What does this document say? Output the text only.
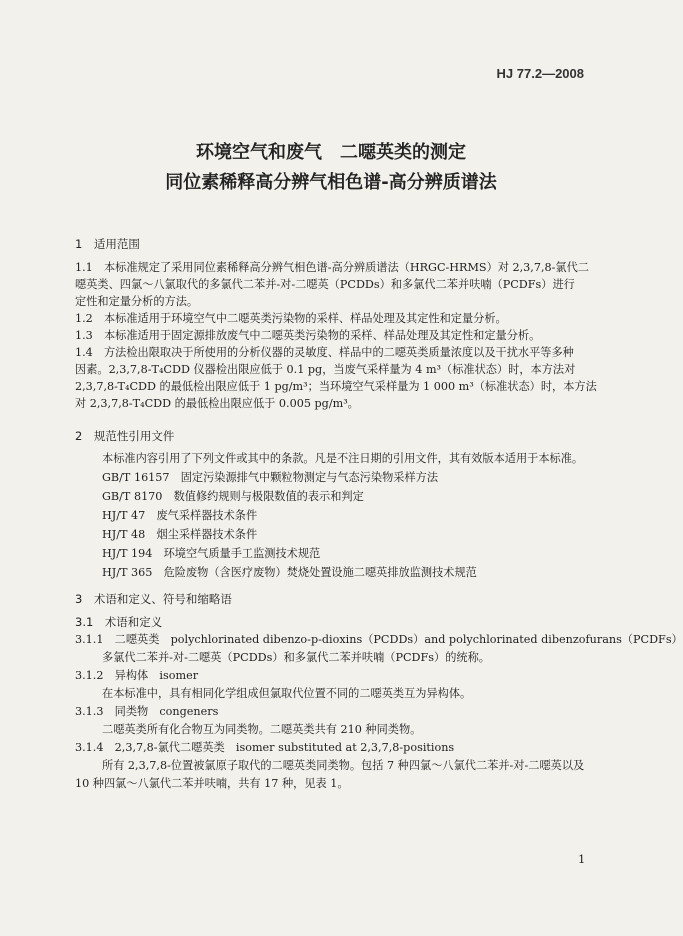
HJ 77.2—2008
环境空气和废气　二噁英类的测定
同位素稀释高分辨气相色谱-高分辨质谱法
1　适用范围
1.1　本标准规定了采用同位素稀释高分辨气相色谱-高分辨质谱法（HRGC-HRMS）对 2,3,7,8-氯代二
噁英类、四氯～八氯取代的多氯代二苯并-对-二噁英（PCDDs）和多氯代二苯并呋喃（PCDFs）进行
定性和定量分析的方法。
1.2　本标准适用于环境空气中二噁英类污染物的采样、样品处理及其定性和定量分析。
1.3　本标准适用于固定源排放废气中二噁英类污染物的采样、样品处理及其定性和定量分析。
1.4　方法检出限取决于所使用的分析仪器的灵敏度、样品中的二噁英类质量浓度以及干扰水平等多种
因素。2,3,7,8-T₄CDD 仪器检出限应低于 0.1 pg，当废气采样量为 4 m³（标准状态）时，本方法对
2,3,7,8-T₄CDD 的最低检出限应低于 1 pg/m³；当环境空气采样量为 1 000 m³（标准状态）时，本方法
对 2,3,7,8-T₄CDD 的最低检出限应低于 0.005 pg/m³。
2　规范性引用文件
本标准内容引用了下列文件或其中的条款。凡是不注日期的引用文件，其有效版本适用于本标准。
GB/T 16157　固定污染源排气中颗粒物测定与气态污染物采样方法
GB/T 8170　数值修约规则与极限数值的表示和判定
HJ/T 47　废气采样器技术条件
HJ/T 48　烟尘采样器技术条件
HJ/T 194　环境空气质量手工监测技术规范
HJ/T 365　危险废物（含医疗废物）焚烧处置设施二噁英排放监测技术规范
3　术语和定义、符号和缩略语
3.1　术语和定义
3.1.1　二噁英类　polychlorinated dibenzo-p-dioxins（PCDDs）and polychlorinated dibenzofurans（PCDFs）
多氯代二苯并-对-二噁英（PCDDs）和多氯代二苯并呋喃（PCDFs）的统称。
3.1.2　异构体　isomer
在本标准中，具有相同化学组成但氯取代位置不同的二噁英类互为异构体。
3.1.3　同类物　congeners
二噁英类所有化合物互为同类物。二噁英类共有 210 种同类物。
3.1.4　2,3,7,8-氯代二噁英类　isomer substituted at 2,3,7,8-positions
所有 2,3,7,8-位置被氯原子取代的二噁英类同类物。包括 7 种四氯～八氯代二苯并-对-二噁英以及
10 种四氯～八氯代二苯并呋喃，共有 17 种，见表 1。
1
